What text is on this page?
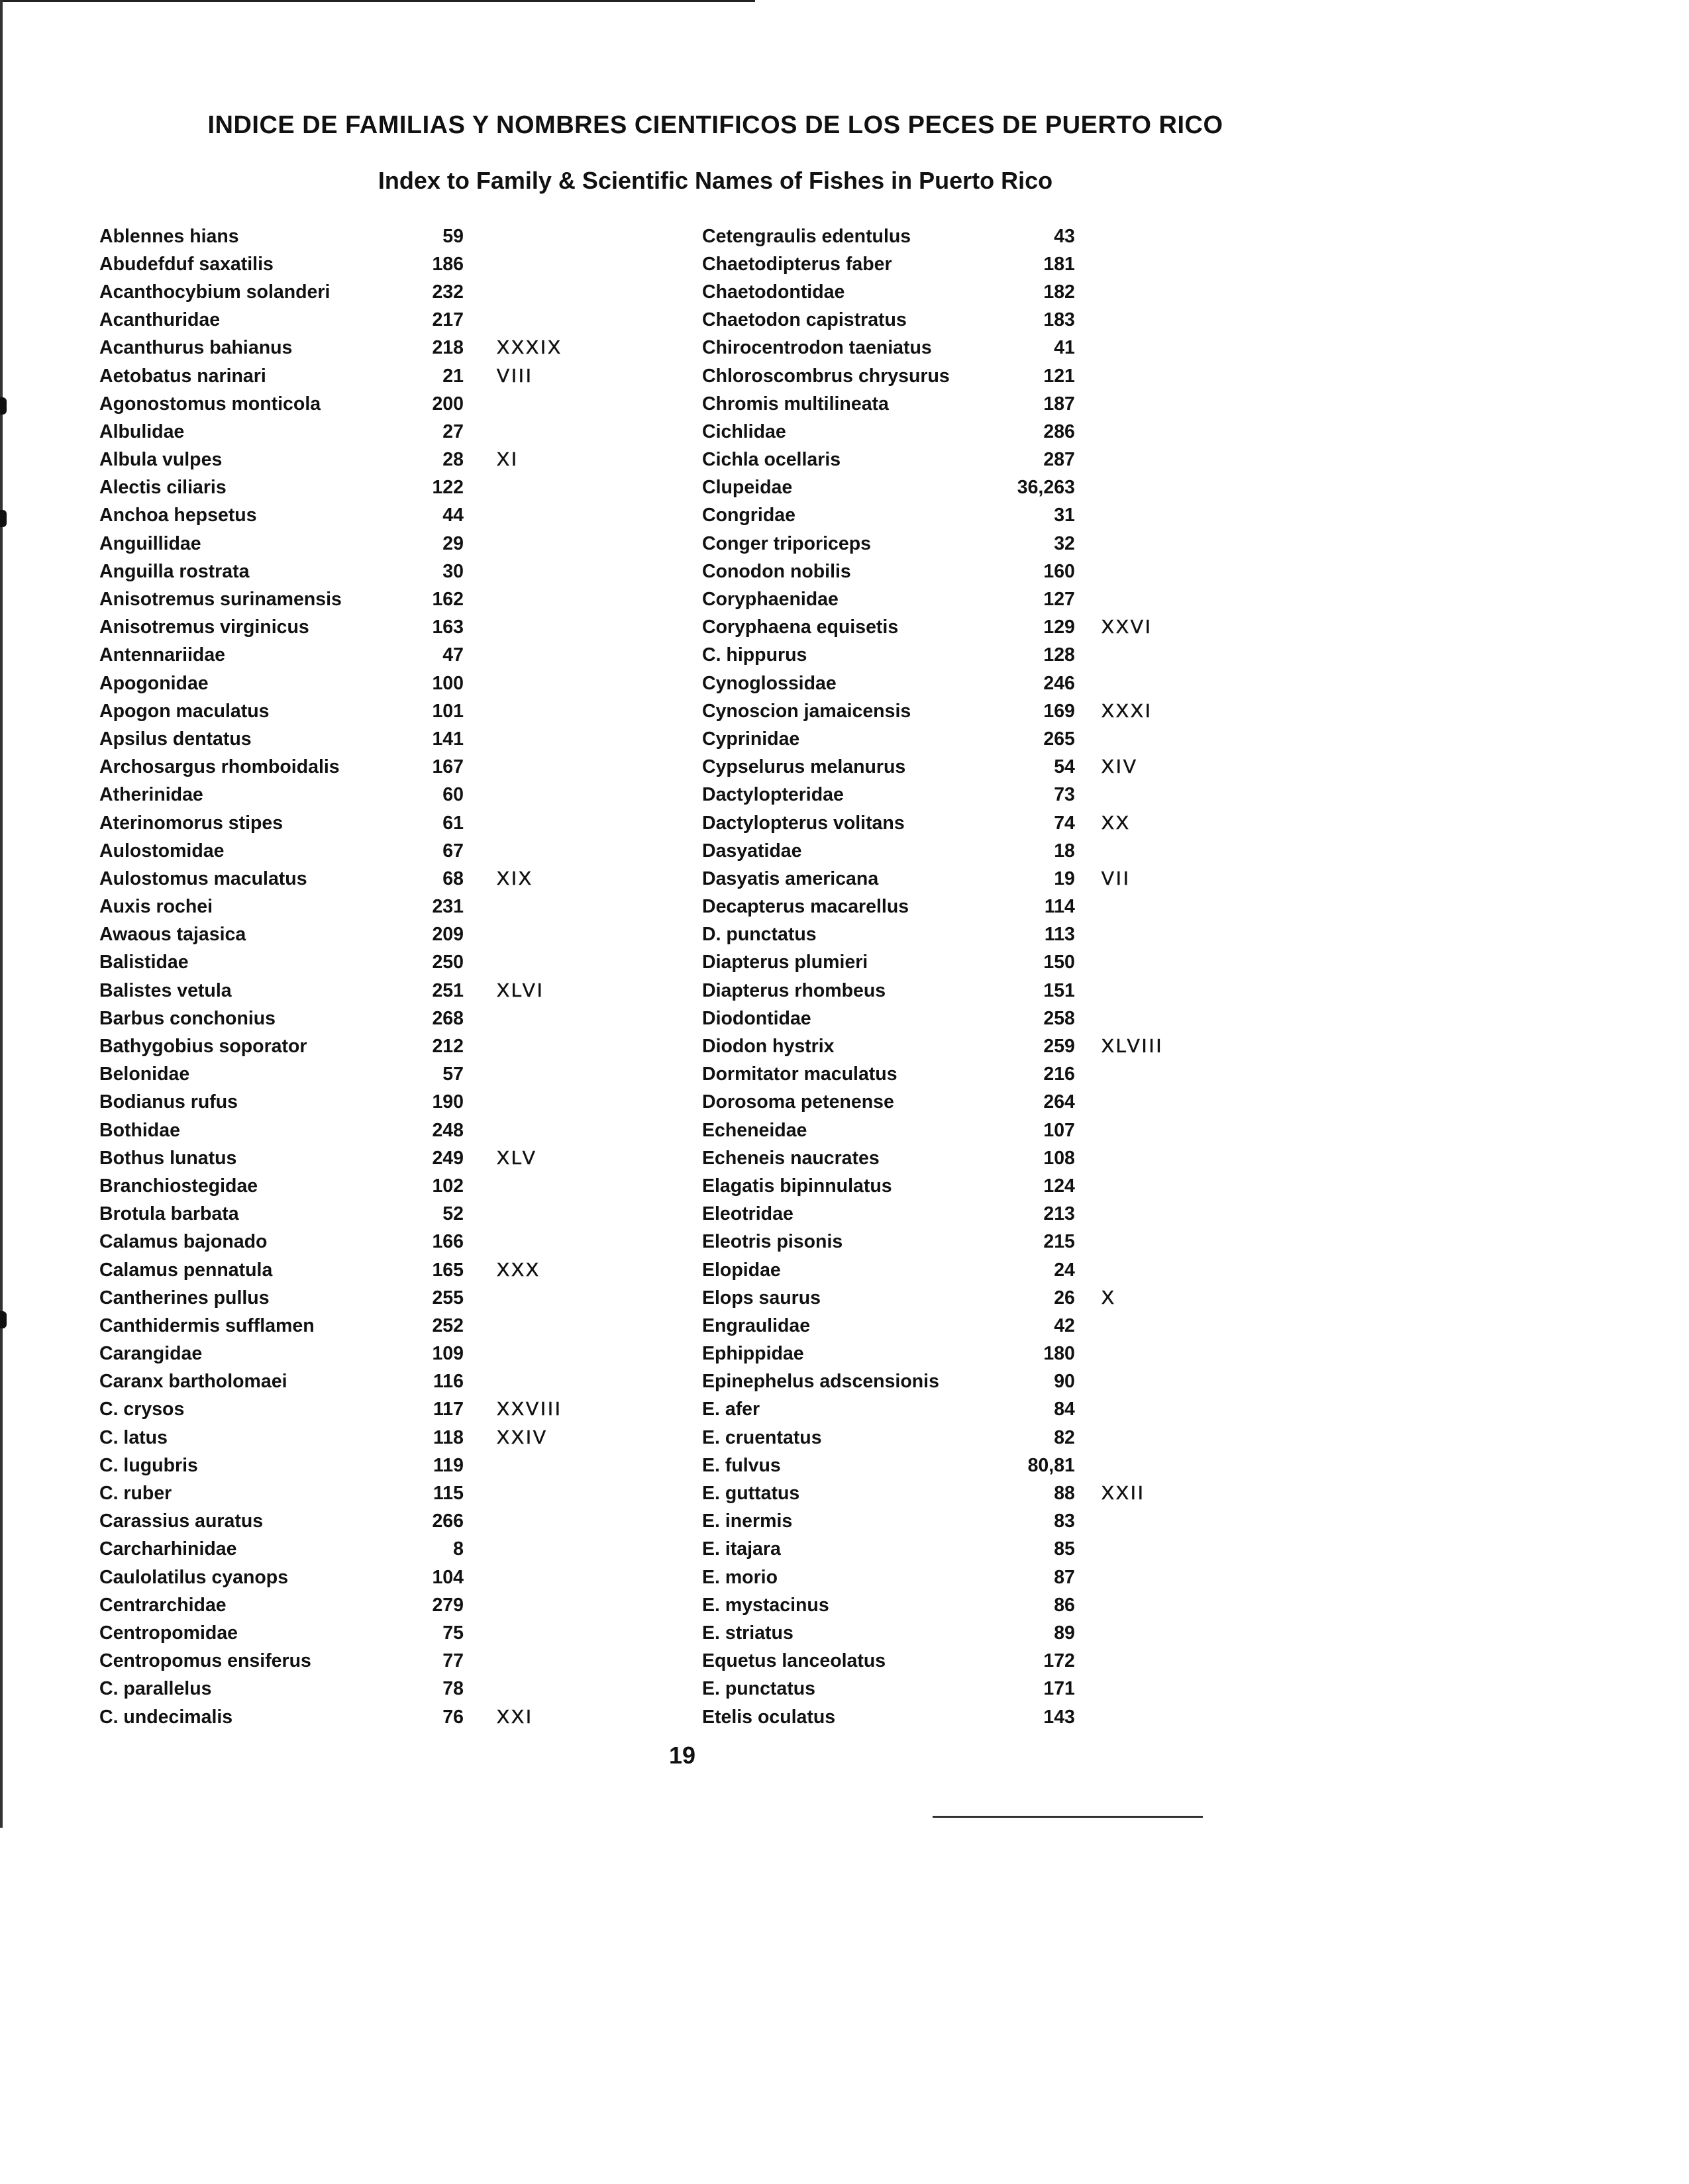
INDICE DE FAMILIAS Y NOMBRES CIENTIFICOS DE LOS PECES DE PUERTO RICO
Index to Family & Scientific Names of Fishes in Puerto Rico
Ablennes hians	59
Abudefduf saxatilis	186
Acanthocybium solanderi	232
Acanthuridae	217
Acanthurus bahianus	218	XXXIX
Aetobatus narinari	21	VIII
Agonostomus monticola	200
Albulidae	27
Albula vulpes	28	XI
Alectis ciliaris	122
Anchoa hepsetus	44
Anguillidae	29
Anguilla rostrata	30
Anisotremus surinamensis	162
Anisotremus virginicus	163
Antennariidae	47
Apogonidae	100
Apogon maculatus	101
Apsilus dentatus	141
Archosargus rhomboidalis	167
Atherinidae	60
Aterinomorus stipes	61
Aulostomidae	67
Aulostomus maculatus	68	XIX
Auxis rochei	231
Awaous tajasica	209
Balistidae	250
Balistes vetula	251	XLVI
Barbus conchonius	268
Bathygobius soporator	212
Belonidae	57
Bodianus rufus	190
Bothidae	248
Bothus lunatus	249	XLV
Branchiostegidae	102
Brotula barbata	52
Calamus bajonado	166
Calamus pennatula	165	XXX
Cantherines pullus	255
Canthidermis sufflamen	252
Carangidae	109
Caranx bartholomaei	116
C. crysos	117	XXVIII
C. latus	118	XXIV
C. lugubris	119
C. ruber	115
Carassius auratus	266
Carcharhinidae	8
Caulolatilus cyanops	104
Centrarchidae	279
Centropomidae	75
Centropomus ensiferus	77
C. parallelus	78
C. undecimalis	76	XXI
Cetengraulis edentulus	43
Chaetodipterus faber	181
Chaetodontidae	182
Chaetodon capistratus	183
Chirocentrodon taeniatus	41
Chloroscombrus chrysurus	121
Chromis multilineata	187
Cichlidae	286
Cichla ocellaris	287
Clupeidae	36,263
Congridae	31
Conger triporiceps	32
Conodon nobilis	160
Coryphaenidae	127
Coryphaena equisetis	129	XXVI
C. hippurus	128
Cynoglossidae	246
Cynoscion jamaicensis	169	XXXI
Cyprinidae	265
Cypselurus melanurus	54	XIV
Dactylopteridae	73
Dactylopterus volitans	74	XX
Dasyatidae	18
Dasyatis americana	19	VII
Decapterus macarellus	114
D. punctatus	113
Diapterus plumieri	150
Diapterus rhombeus	151
Diodontidae	258
Diodon hystrix	259	XLVIII
Dormitator maculatus	216
Dorosoma petenense	264
Echeneidae	107
Echeneis naucrates	108
Elagatis bipinnulatus	124
Eleotridae	213
Eleotris pisonis	215
Elopidae	24
Elops saurus	26	X
Engraulidae	42
Ephippidae	180
Epinephelus adscensionis	90
E. afer	84
E. cruentatus	82
E. fulvus	80,81
E. guttatus	88	XXII
E. inermis	83
E. itajara	85
E. morio	87
E. mystacinus	86
E. striatus	89
Equetus lanceolatus	172
E. punctatus	171
Etelis oculatus	143

19
